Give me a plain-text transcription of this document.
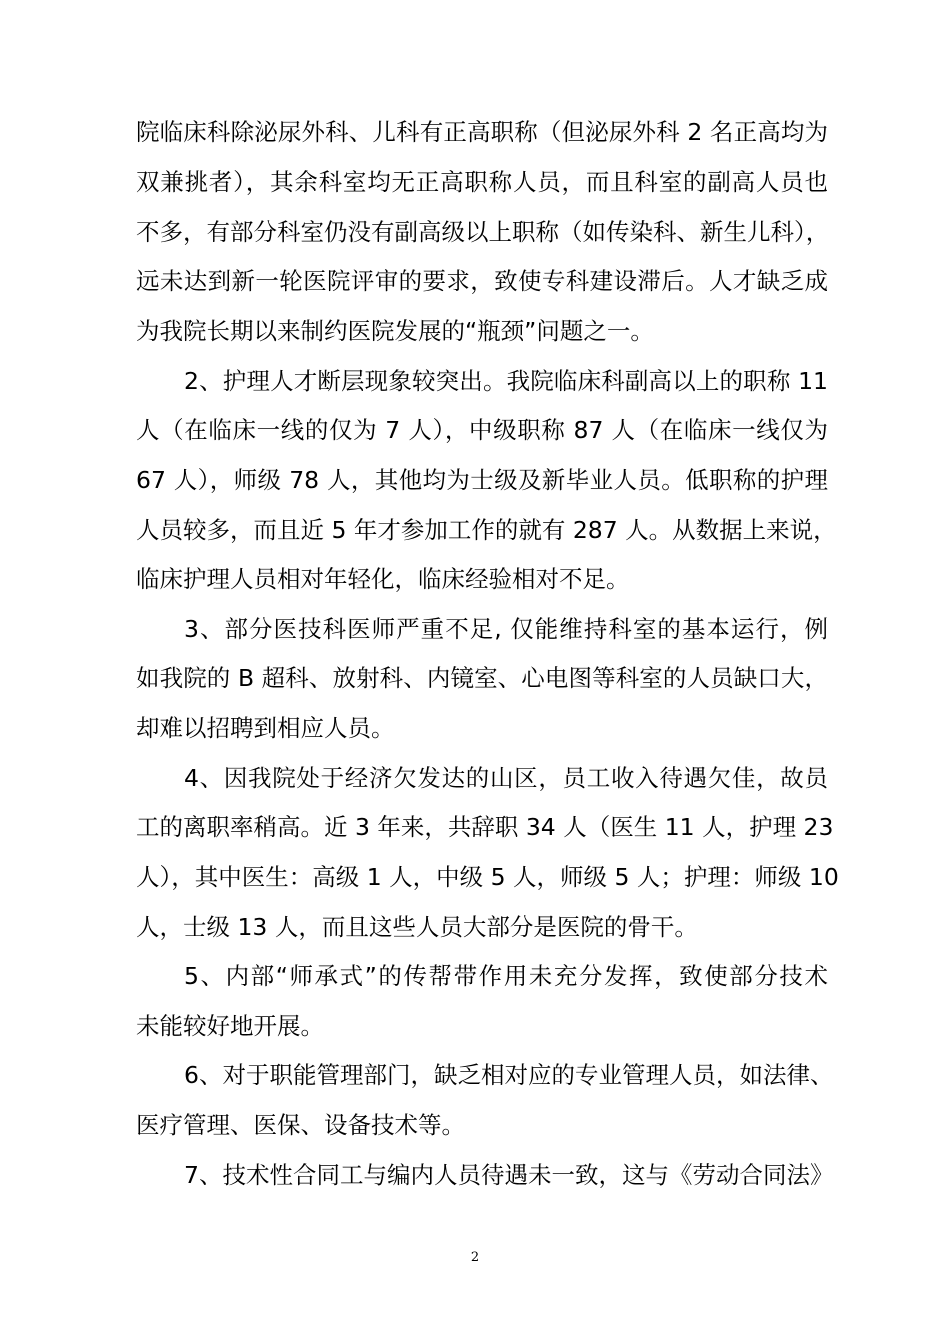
院临床科除泌尿外科、儿科有正高职称（但泌尿外科 2 名正高均为
双兼挑者），其余科室均无正高职称人员，而且科室的副高人员也
不多，有部分科室仍没有副高级以上职称（如传染科、新生儿科），
远未达到新一轮医院评审的要求，致使专科建设滞后。人才缺乏成
为我院长期以来制约医院发展的“瓶颈”问题之一。
2、护理人才断层现象较突出。我院临床科副高以上的职称 11
人（在临床一线的仅为 7 人），中级职称 87 人（在临床一线仅为
67 人），师级 78 人，其他均为士级及新毕业人员。低职称的护理
人员较多，而且近 5 年才参加工作的就有 287 人。从数据上来说，
临床护理人员相对年轻化，临床经验相对不足。
3、部分医技科医师严重不足, 仅能维持科室的基本运行，例
如我院的 B 超科、放射科、内镜室、心电图等科室的人员缺口大，
却难以招聘到相应人员。
4、因我院处于经济欠发达的山区，员工收入待遇欠佳，故员
工的离职率稍高。近 3 年来，共辞职 34 人（医生 11 人，护理 23
人），其中医生：高级 1 人，中级 5 人，师级 5 人；护理：师级 10
人，士级 13 人，而且这些人员大部分是医院的骨干。
5、内部“师承式”的传帮带作用未充分发挥，致使部分技术
未能较好地开展。
6、对于职能管理部门，缺乏相对应的专业管理人员，如法律、
医疗管理、医保、设备技术等。
7、技术性合同工与编内人员待遇未一致，这与《劳动合同法》
2
